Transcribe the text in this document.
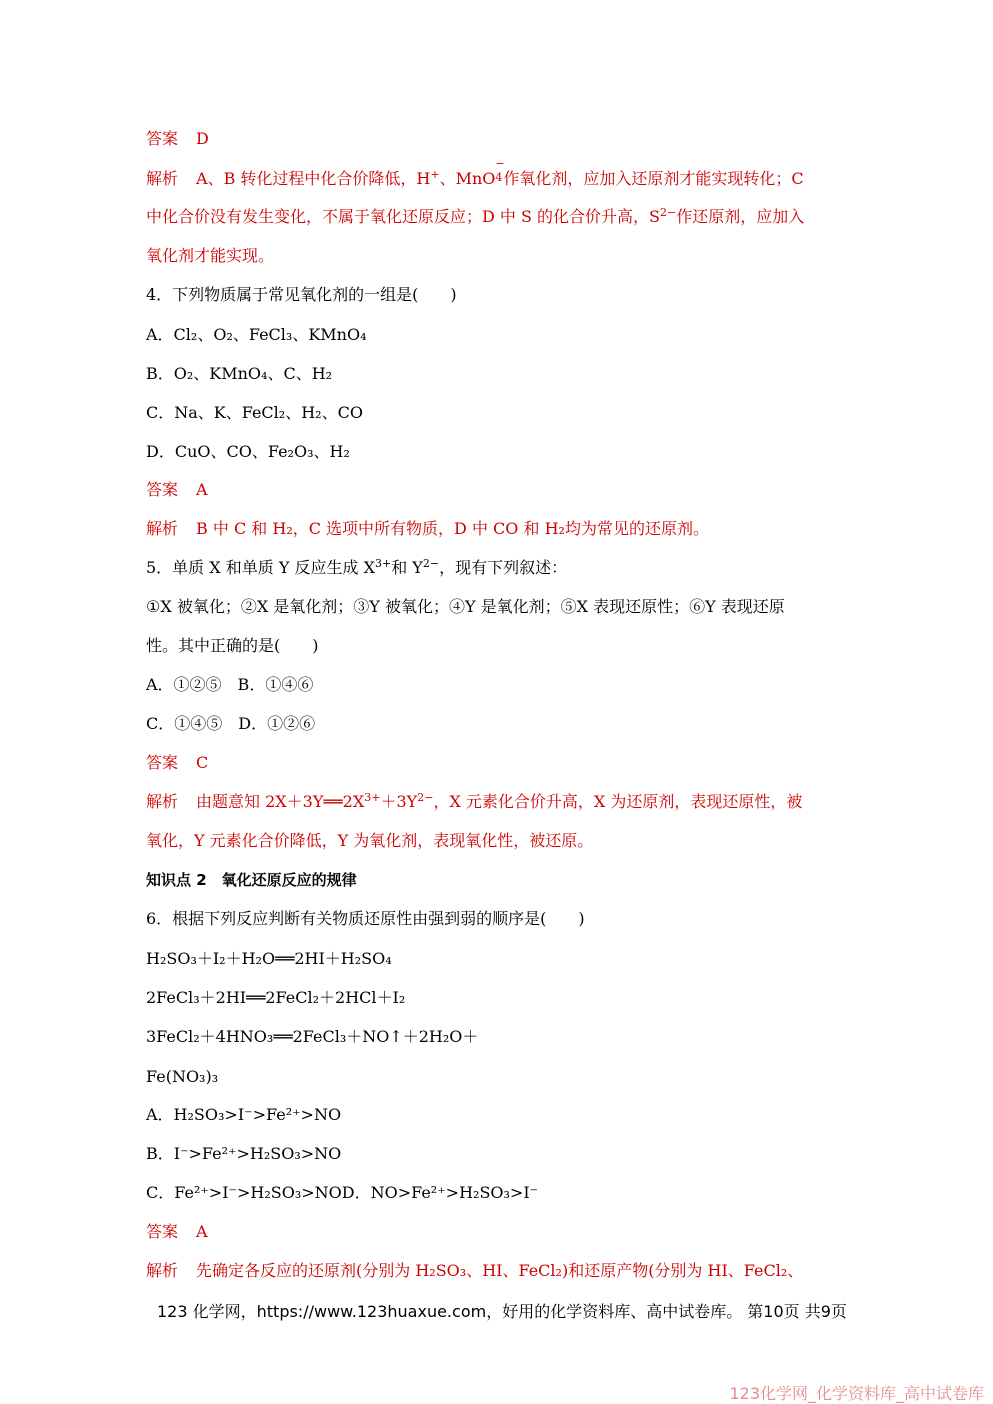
答案 D
解析 A、B 转化过程中化合价降低，H+、MnO
−
4 作氧化剂，应加入还原剂才能实现转化；C
中化合价没有发生变化，不属于氧化还原反应；D 中 S 的化合价升高，$S^{2-}$作还原剂，应加入
氧化剂才能实现。
4．下列物质属于常见氧化剂的一组是(　　)
A．Cl₂、O₂、FeCl₃、KMnO₄
B．O₂、KMnO₄、C、H₂
C．Na、K、FeCl₂、H₂、CO
D．CuO、CO、Fe₂O₃、H₂
答案 A
解析 B 中 C 和 H₂，C 选项中所有物质，D 中 CO 和 H₂均为常见的还原剂。
5．单质 X 和单质 Y 反应生成 $X^{3+}$和 $Y^{2-}$，现有下列叙述：
①X 被氧化；②X 是氧化剂；③Y 被氧化；④Y 是氧化剂；⑤X 表现还原性；⑥Y 表现还原
性。其中正确的是(　　)
A．①②⑤　B．①④⑥
C．①④⑤　D．①②⑥
答案 C
解析 由题意知 $2X+3Y══2X^{3+}+3Y^{2-}$，X 元素化合价升高，X 为还原剂，表现还原性，被
氧化，Y 元素化合价降低，Y 为氧化剂，表现氧化性，被还原。
知识点 2　氧化还原反应的规律
6．根据下列反应判断有关物质还原性由强到弱的顺序是(　　)
H₂SO₃＋I₂＋H₂O══2HI＋H₂SO₄
2FeCl₃＋2HI══2FeCl₂＋2HCl＋I₂
3FeCl₂＋4HNO₃══2FeCl₃＋NO↑＋2H₂O＋
Fe(NO₃)₃
A．H₂SO₃>I⁻>Fe²⁺>NO
B．I⁻>Fe²⁺>H₂SO₃>NO
C．Fe²⁺>I⁻>H₂SO₃>NOD．NO>Fe²⁺>H₂SO₃>I⁻
答案 A
解析 先确定各反应的还原剂(分别为 H₂SO₃、HI、FeCl₂)和还原产物(分别为 HI、FeCl₂、
123 化学网，https://www.123huaxue.com，好用的化学资料库、高中试卷库。 第10页 共9页
123化学网_化学资料库_高中试卷库
